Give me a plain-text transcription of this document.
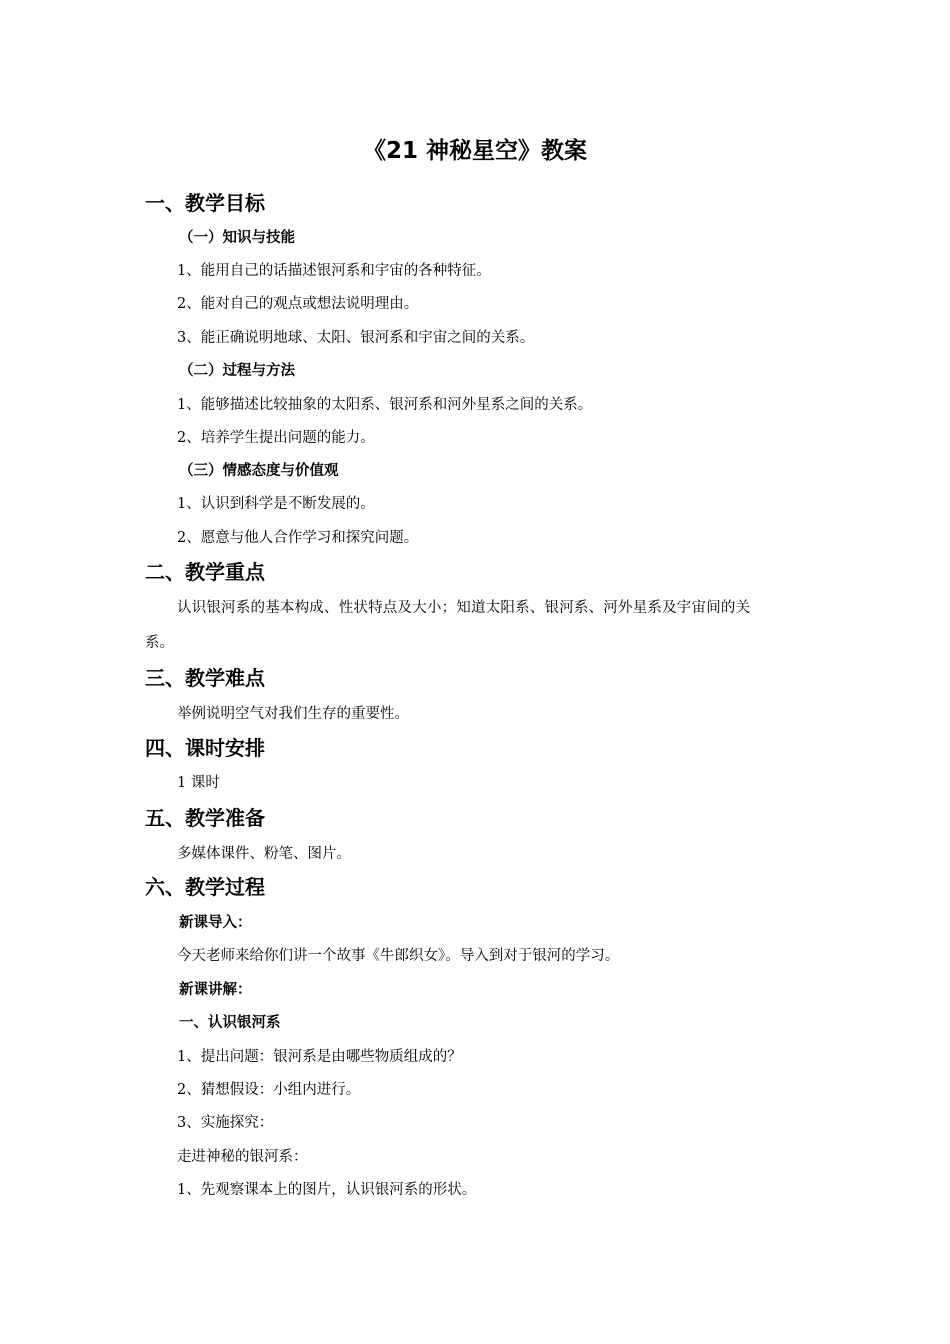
《21 神秘星空》教案
一、教学目标
（一）知识与技能
1、能用自己的话描述银河系和宇宙的各种特征。
2、能对自己的观点或想法说明理由。
3、能正确说明地球、太阳、银河系和宇宙之间的关系。
（二）过程与方法
1、能够描述比较抽象的太阳系、银河系和河外星系之间的关系。
2、培养学生提出问题的能力。
（三）情感态度与价值观
1、认识到科学是不断发展的。
2、愿意与他人合作学习和探究问题。
二、教学重点
认识银河系的基本构成、性状特点及大小；知道太阳系、银河系、河外星系及宇宙间的关
系。
三、教学难点
举例说明空气对我们生存的重要性。
四、课时安排
1 课时
五、教学准备
多媒体课件、粉笔、图片。
六、教学过程
新课导入：
今天老师来给你们讲一个故事《牛郎织女》。导入到对于银河的学习。
新课讲解：
一、认识银河系
1、提出问题：银河系是由哪些物质组成的？
2、猜想假设：小组内进行。
3、实施探究：
走进神秘的银河系：
1、先观察课本上的图片，认识银河系的形状。
